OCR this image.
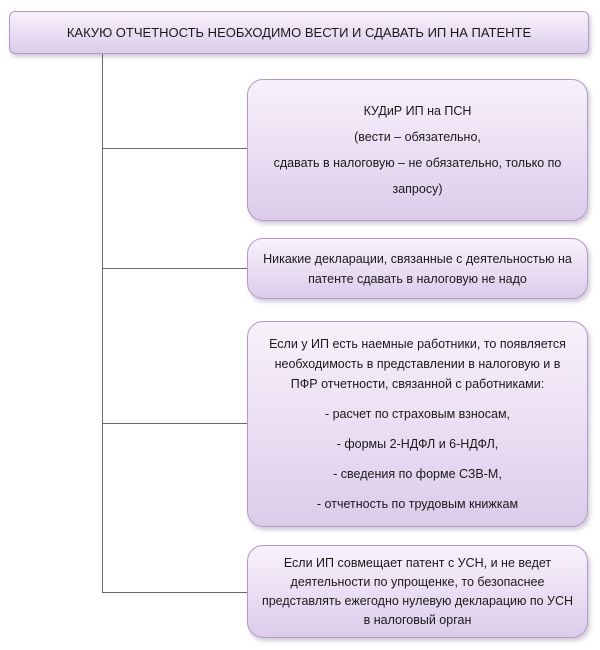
КАКУЮ ОТЧЕТНОСТЬ НЕОБХОДИМО ВЕСТИ И СДАВАТЬ ИП НА ПАТЕНТЕ
КУДиР ИП на ПСН
(вести – обязательно,
сдавать в налоговую – не обязательно, только по
запросу)
Никакие декларации, связанные с деятельностью на
патенте сдавать в налоговую не надо
Если у ИП есть наемные работники, то появляется
необходимость в представлении в налоговую и в
ПФР отчетности, связанной с работниками:
- расчет по страховым взносам,
- формы 2-НДФЛ и 6-НДФЛ,
- сведения по форме СЗВ-М,
- отчетность по трудовым книжкам
Если ИП совмещает патент с УСН, и не ведет
деятельности по упрощенке, то безопаснее
представлять ежегодно нулевую декларацию по УСН
в налоговый орган
